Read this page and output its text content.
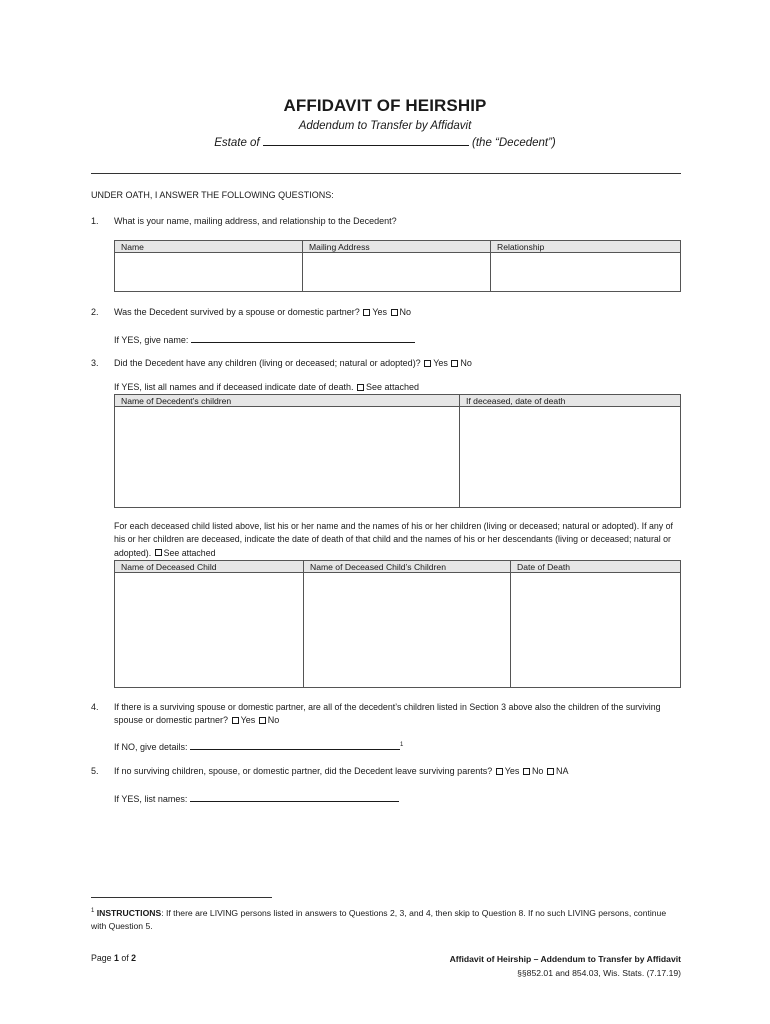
AFFIDAVIT OF HEIRSHIP
Addendum to Transfer by Affidavit
Estate of	(the “Decedent”)
UNDER OATH, I ANSWER THE FOLLOWING QUESTIONS:
1. What is your name, mailing address, and relationship to the Decedent?
Name	Mailing Address	Relationship

2. Was the Decedent survived by a spouse or domestic partner? Yes No
If YES, give name:
3. Did the Decedent have any children (living or deceased; natural or adopted)? Yes No
If YES, list all names and if deceased indicate date of death. See attached
Name of Decedent’s children	If deceased, date of death

For each deceased child listed above, list his or her name and the names of his or her children (living or deceased; natural or adopted). If any of his or her children are deceased, indicate the date of death of that child and the names of his or her descendants (living or deceased; natural or adopted). See attached
Name of Deceased Child	Name of Deceased Child’s Children	Date of Death

4. If there is a surviving spouse or domestic partner, are all of the decedent’s children listed in Section 3 above also the children of the surviving
spouse or domestic partner? Yes No
If NO, give details:	$^1$
5. If no surviving children, spouse, or domestic partner, did the Decedent leave surviving parents? Yes No NA
If YES, list names:
$^1$ INSTRUCTIONS: If there are LIVING persons listed in answers to Questions 2, 3, and 4, then skip to Question 8. If no such LIVING persons, continue with Question 5.
Page 1 of 2	Affidavit of Heirship – Addendum to Transfer by Affidavit
§§852.01 and 854.03, Wis. Stats. (7.17.19)
